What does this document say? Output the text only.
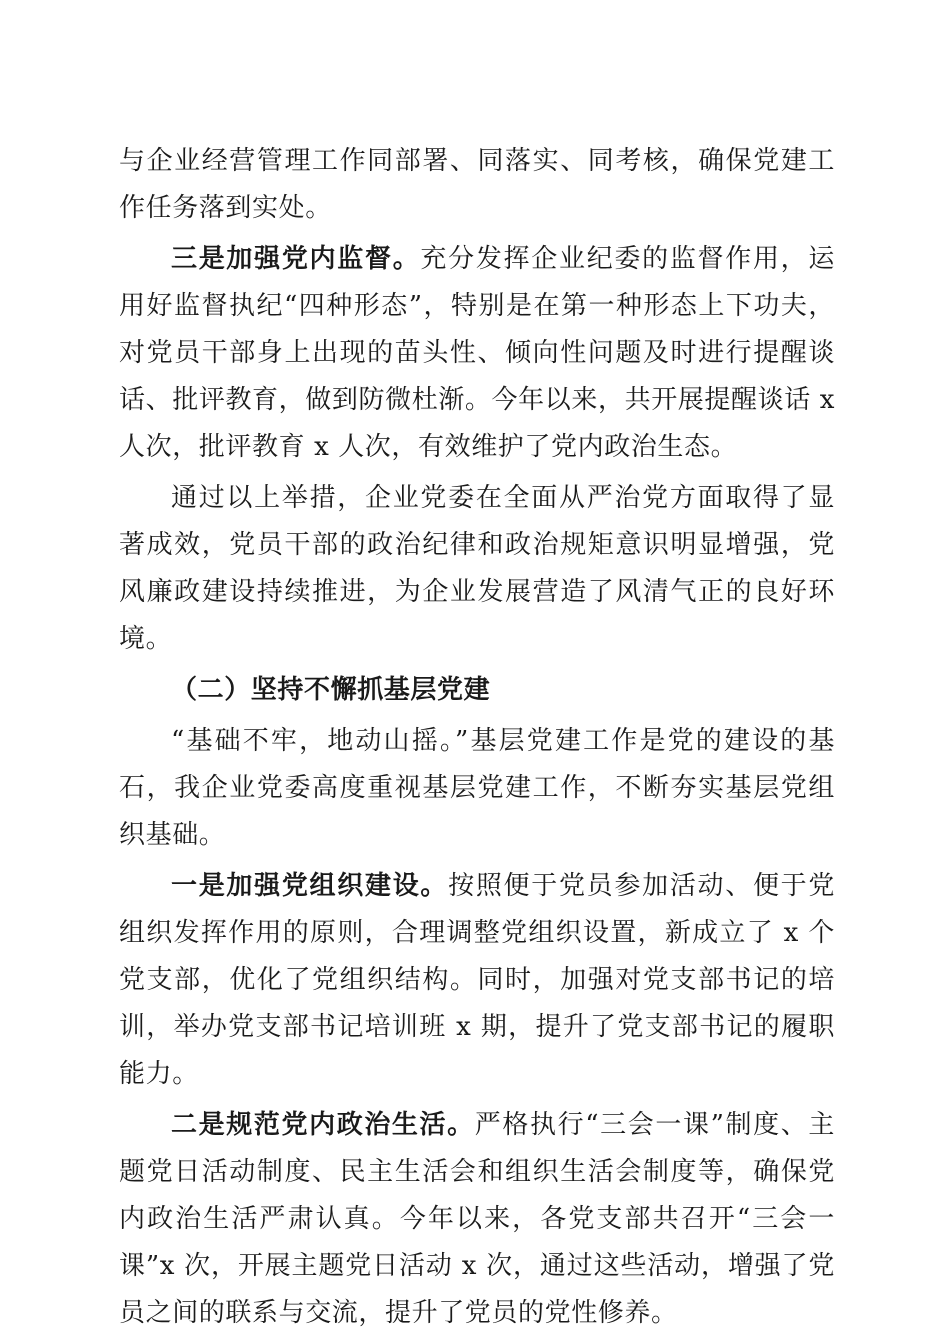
与企业经营管理工作同部署、同落实、同考核，确保党建工作任务落到实处。

三是加强党内监督。充分发挥企业纪委的监督作用，运用好监督执纪“四种形态”，特别是在第一种形态上下功夫，对党员干部身上出现的苗头性、倾向性问题及时进行提醒谈话、批评教育，做到防微杜渐。今年以来，共开展提醒谈话 x 人次，批评教育 x 人次，有效维护了党内政治生态。

通过以上举措，企业党委在全面从严治党方面取得了显著成效，党员干部的政治纪律和政治规矩意识明显增强，党风廉政建设持续推进，为企业发展营造了风清气正的良好环境。

（二）坚持不懈抓基层党建

“基础不牢，地动山摇。”基层党建工作是党的建设的基石，我企业党委高度重视基层党建工作，不断夯实基层党组织基础。

一是加强党组织建设。按照便于党员参加活动、便于党组织发挥作用的原则，合理调整党组织设置，新成立了 x 个党支部，优化了党组织结构。同时，加强对党支部书记的培训，举办党支部书记培训班 x 期，提升了党支部书记的履职能力。

二是规范党内政治生活。严格执行“三会一课”制度、主题党日活动制度、民主生活会和组织生活会制度等，确保党内政治生活严肃认真。今年以来，各党支部共召开“三会一课”x 次，开展主题党日活动 x 次，通过这些活动，增强了党员之间的联系与交流，提升了党员的党性修养。
